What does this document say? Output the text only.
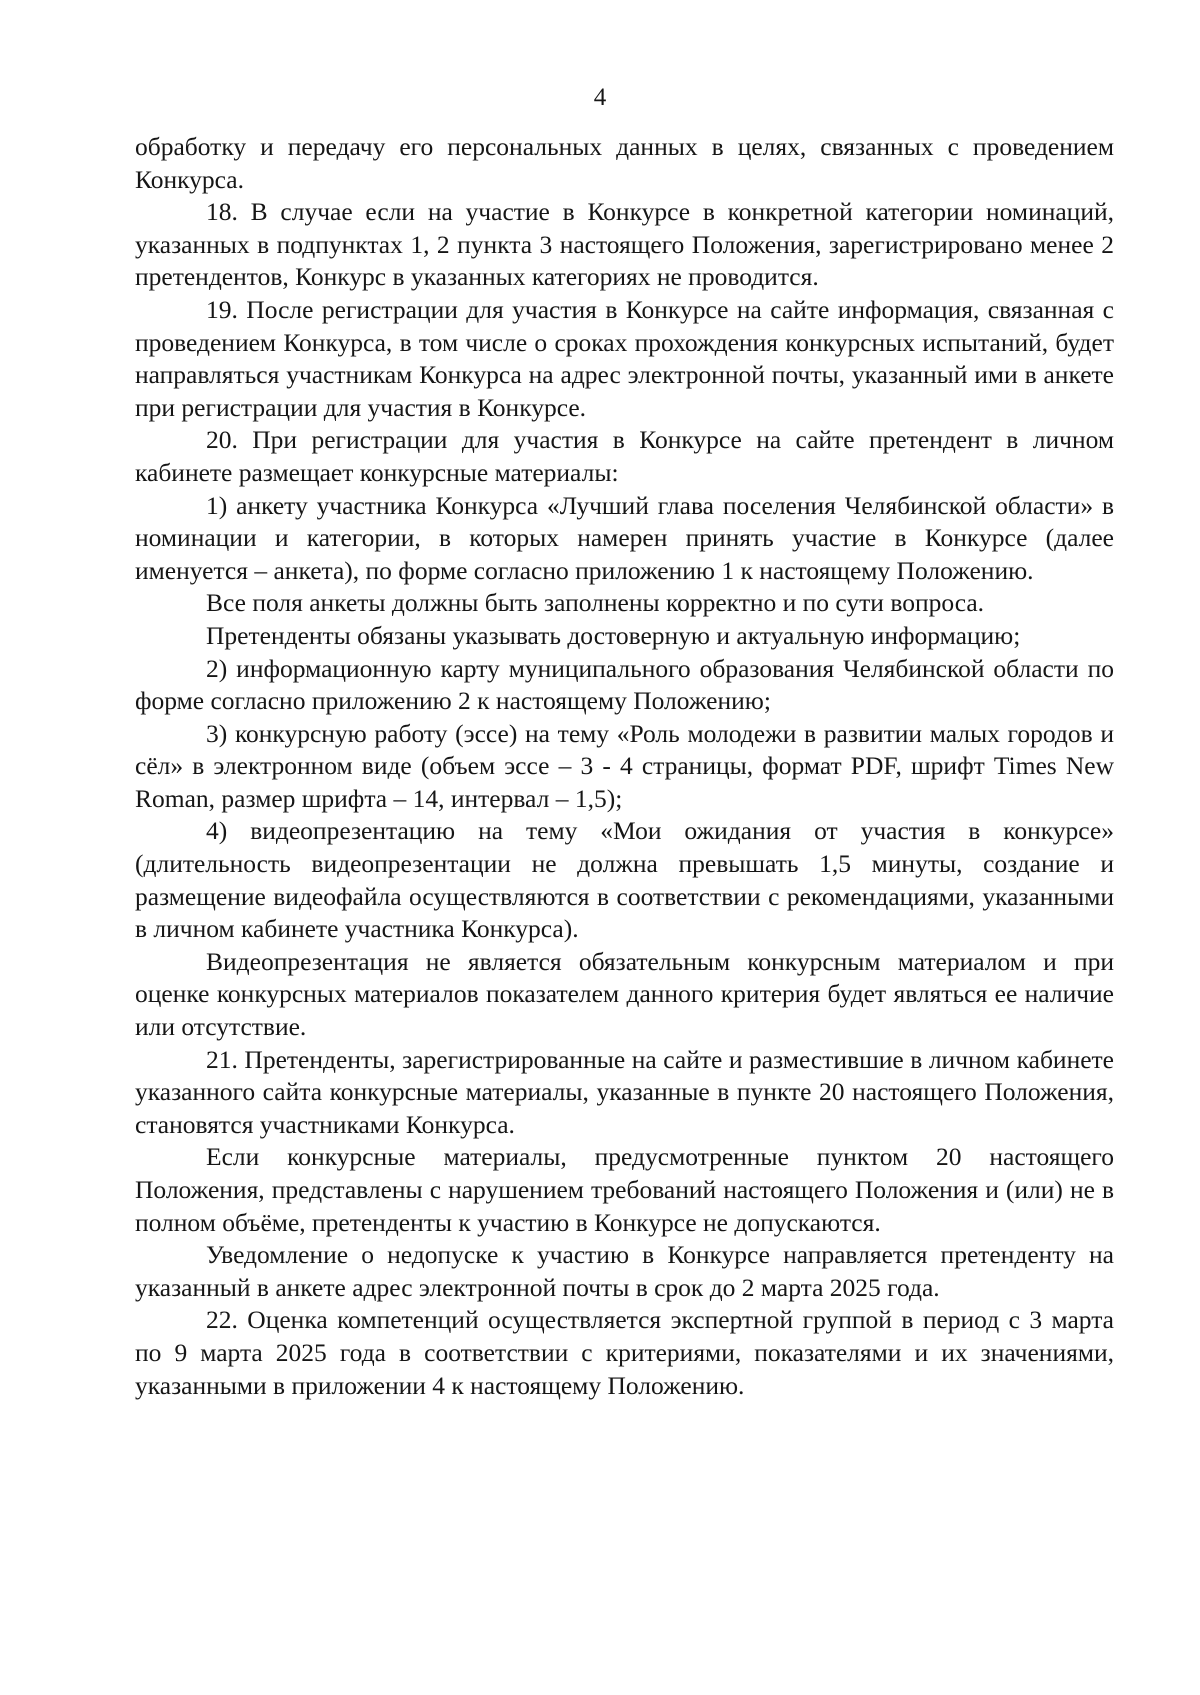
4

обработку и передачу его персональных данных в целях, связанных с проведением Конкурса.

18. В случае если на участие в Конкурсе в конкретной категории номинаций, указанных в подпунктах 1, 2 пункта 3 настоящего Положения, зарегистрировано менее 2 претендентов, Конкурс в указанных категориях не проводится.

19. После регистрации для участия в Конкурсе на сайте информация, связанная с проведением Конкурса, в том числе о сроках прохождения конкурсных испытаний, будет направляться участникам Конкурса на адрес электронной почты, указанный ими в анкете при регистрации для участия в Конкурсе.

20. При регистрации для участия в Конкурсе на сайте претендент в личном кабинете размещает конкурсные материалы:

1) анкету участника Конкурса «Лучший глава поселения Челябинской области» в номинации и категории, в которых намерен принять участие в Конкурсе (далее именуется – анкета), по форме согласно приложению 1 к настоящему Положению.

Все поля анкеты должны быть заполнены корректно и по сути вопроса.

Претенденты обязаны указывать достоверную и актуальную информацию;

2) информационную карту муниципального образования Челябинской области по форме согласно приложению 2 к настоящему Положению;

3) конкурсную работу (эссе) на тему «Роль молодежи в развитии малых городов и сёл» в электронном виде (объем эссе – 3 - 4 страницы, формат PDF, шрифт Times New Roman, размер шрифта – 14, интервал – 1,5);

4) видеопрезентацию на тему «Мои ожидания от участия в конкурсе» (длительность видеопрезентации не должна превышать 1,5 минуты, создание и размещение видеофайла осуществляются в соответствии с рекомендациями, указанными в личном кабинете участника Конкурса).

Видеопрезентация не является обязательным конкурсным материалом и при оценке конкурсных материалов показателем данного критерия будет являться ее наличие или отсутствие.

21. Претенденты, зарегистрированные на сайте и разместившие в личном кабинете указанного сайта конкурсные материалы, указанные в пункте 20 настоящего Положения, становятся участниками Конкурса.

Если конкурсные материалы, предусмотренные пунктом 20 настоящего Положения, представлены с нарушением требований настоящего Положения и (или) не в полном объёме, претенденты к участию в Конкурсе не допускаются.

Уведомление о недопуске к участию в Конкурсе направляется претенденту на указанный в анкете адрес электронной почты в срок до 2 марта 2025 года.

22. Оценка компетенций осуществляется экспертной группой в период с 3 марта по 9 марта 2025 года в соответствии с критериями, показателями и их значениями, указанными в приложении 4 к настоящему Положению.
